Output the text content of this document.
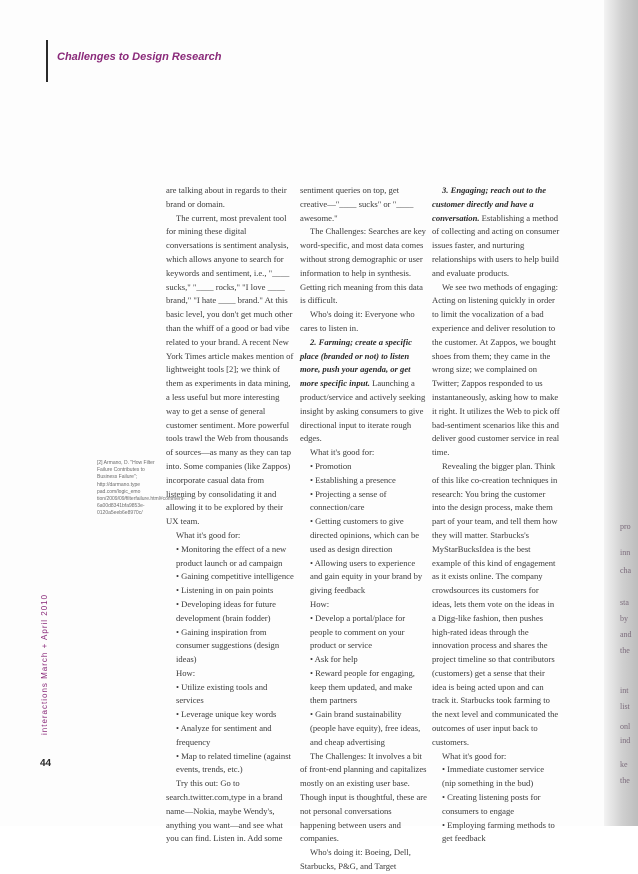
Challenges to Design Research

are talking about in regards to their brand or domain.

The current, most prevalent tool for mining these digital conversations is sentiment analysis, which allows anyone to search for keywords and sentiment, i.e., "____ sucks," "____ rocks," "I love ____ brand," "I hate ____ brand." At this basic level, you don't get much other than the whiff of a good or bad vibe related to your brand. A recent New York Times article makes mention of lightweight tools [2]; we think of them as experiments in data mining, a less useful but more interesting way to get a sense of general customer sentiment. More powerful tools trawl the Web from thousands of sources—as many as they can tap into. Some companies (like Zappos) incorporate casual data from listening by consolidating it and allowing it to be explored by their UX team.

What it's good for:

• Monitoring the effect of a new product launch or ad campaign

• Gaining competitive intelligence

• Listening in on pain points

• Developing ideas for future development (brain fodder)

• Gaining inspiration from consumer suggestions (design ideas)

How:

• Utilize existing tools and services

• Leverage unique key words

• Analyze for sentiment and frequency

• Map to related timeline (against events, trends, etc.)

Try this out: Go to search.twitter.com,type in a brand name—Nokia, maybe Wendy's, anything you want—and see what you can find. Listen in. Add some

sentiment queries on top, get creative—"____ sucks" or "____ awesome."

The Challenges: Searches are key word-specific, and most data comes without strong demographic or user information to help in synthesis. Getting rich meaning from this data is difficult.

Who's doing it: Everyone who cares to listen in.

2. Farming; create a specific place (branded or not) to listen more, push your agenda, or get more specific input. Launching a product/service and actively seeking insight by asking consumers to give directional input to iterate rough edges.

What it's good for:

• Promotion

• Establishing a presence

• Projecting a sense of connection/care

• Getting customers to give directed opinions, which can be used as design direction

• Allowing users to experience and gain equity in your brand by giving feedback

How:

• Develop a portal/place for people to comment on your product or service

• Ask for help

• Reward people for engaging, keep them updated, and make them partners

• Gain brand sustainability (people have equity), free ideas, and cheap advertising

The Challenges: It involves a bit of front-end planning and capitalizes mostly on an existing user base. Though input is thoughtful, these are not personal conversations happening between users and companies.

Who's doing it: Boeing, Dell, Starbucks, P&G, and Target

3. Engaging; reach out to the customer directly and have a conversation. Establishing a method of collecting and acting on consumer issues faster, and nurturing relationships with users to help build and evaluate products.

We see two methods of engaging: Acting on listening quickly in order to limit the vocalization of a bad experience and deliver resolution to the customer. At Zappos, we bought shoes from them; they came in the wrong size; we complained on Twitter; Zappos responded to us instantaneously, asking how to make it right. It utilizes the Web to pick off bad-sentiment scenarios like this and deliver good customer service in real time.

Revealing the bigger plan. Think of this like co-creation techniques in research: You bring the customer into the design process, make them part of your team, and tell them how they will matter. Starbucks's MyStarBucksIdea is the best example of this kind of engagement as it exists online. The company crowdsources its customers for ideas, lets them vote on the ideas in a Digg-like fashion, then pushes high-rated ideas through the innovation process and shares the project timeline so that contributors (customers) get a sense that their idea is being acted upon and can track it. Starbucks took farming to the next level and communicated the outcomes of user input back to customers.

What it's good for:

• Immediate customer service (nip something in the bud)

• Creating listening posts for consumers to engage

• Employing farming methods to get feedback

[2] Armano, D. "How Filter Failure Contributes to Business Failure"; http://darmano.type pad.com/logic_emo tion/2009/09/filterfailure.html#comment-6a00d8341bfa9853e-0120a5eeb6e8970c/
interactions March + April 2010
44
pro
inn
cha
sta
by
and
the
int
list
onl
ind
ke
the
